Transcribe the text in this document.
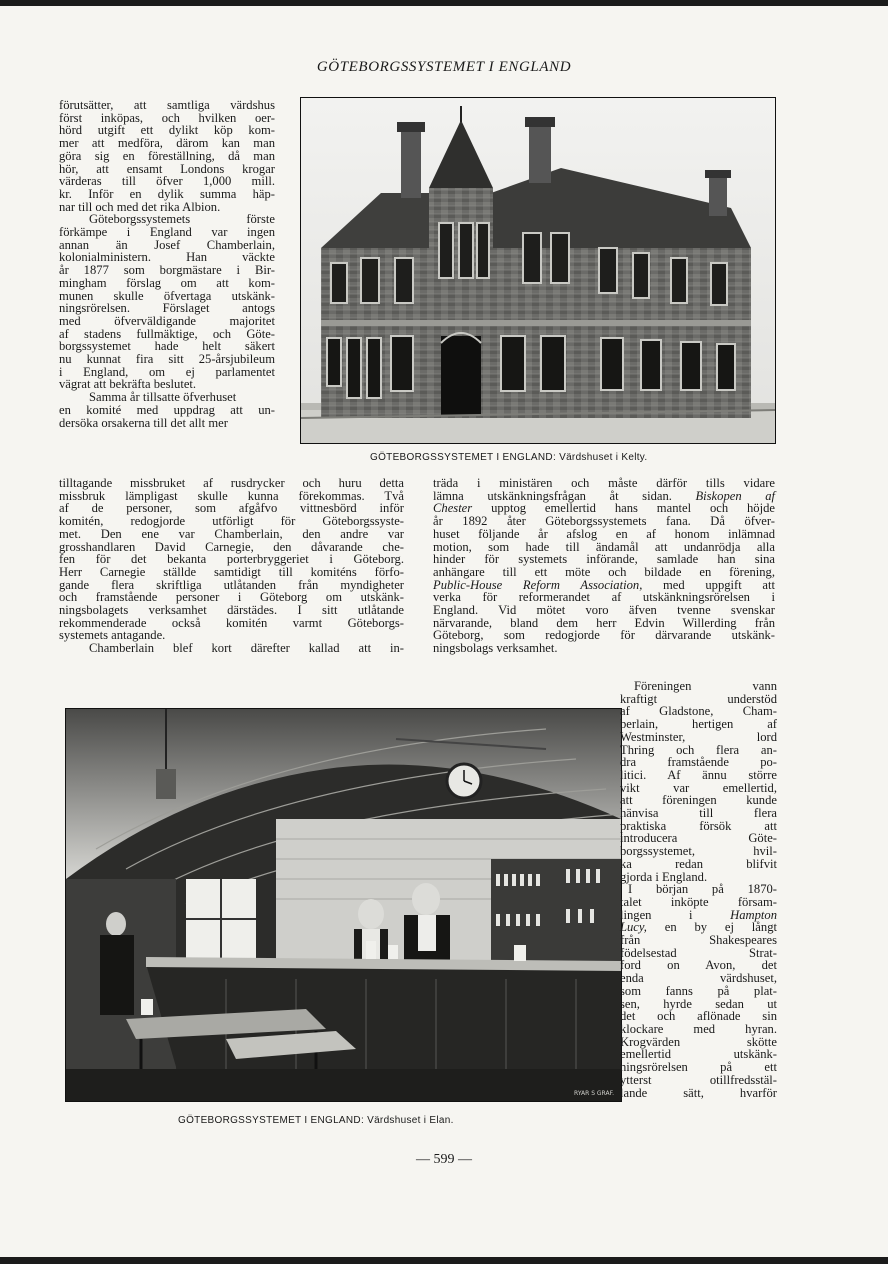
GÖTEBORGSSYSTEMET I ENGLAND
förutsätter, att samtliga värdshus
först inköpas, och hvilken oer-
hörd utgift ett dylikt köp kom-
mer att medföra, därom kan man
göra sig en föreställning, då man
hör, att ensamt Londons krogar
värderas till öfver 1,000 mill.
kr. Inför en dylik summa häp-
nar till och med det rika Albion.
Göteborgssystemets förste
förkämpe i England var ingen
annan än Josef Chamberlain,
kolonialministern. Han väckte
år 1877 som borgmästare i Bir-
mingham förslag om att kom-
munen skulle öfvertaga utskänk-
ningsrörelsen. Förslaget antogs
med öfverväldigande majoritet
af stadens fullmäktige, och Göte-
borgssystemet hade helt säkert
nu kunnat fira sitt 25-årsjubileum
i England, om ej parlamentet
vägrat att bekräfta beslutet.
Samma år tillsatte öfverhuset
en komité med uppdrag att un-
dersöka orsakerna till det allt mer
GÖTEBORGSSYSTEMET I ENGLAND: Värdshuset i Kelty.
tilltagande missbruket af rusdrycker och huru detta
missbruk lämpligast skulle kunna förekommas. Två
af de personer, som afgåfvo vittnesbörd inför
komitén, redogjorde utförligt för Göteborgssyste-
met. Den ene var Chamberlain, den andre var
grosshandlaren David Carnegie, den dåvarande che-
fen för det bekanta porterbryggeriet i Göteborg.
Herr Carnegie ställde samtidigt till komiténs förfo-
gande flera skriftliga utlåtanden från myndigheter
och framstående personer i Göteborg om utskänk-
ningsbolagets verksamhet därstädes. I sitt utlåtande
rekommenderade också komitén varmt Göteborgs-
systemets antagande.
Chamberlain blef kort därefter kallad att in-
träda i ministären och måste därför tills vidare
lämna utskänkningsfrågan åt sidan. Biskopen af
Chester upptog emellertid hans mantel och höjde
år 1892 åter Göteborgssystemets fana. Då öfver-
huset följande år afslog en af honom inlämnad
motion, som hade till ändamål att undanrödja alla
hinder för systemets införande, samlade han sina
anhängare till ett möte och bildade en förening,
Public-House Reform Association, med uppgift att
verka för reformerandet af utskänkningsrörelsen i
England. Vid mötet voro äfven tvenne svenskar
närvarande, bland dem herr Edvin Willerding från
Göteborg, som redogjorde för därvarande utskänk-
ningsbolags verksamhet.
RYAR S GRAF.
GÖTEBORGSSYSTEMET I ENGLAND: Värdshuset i Elan.
Föreningen vann
kraftigt understöd
af Gladstone, Cham-
berlain, hertigen af
Westminster, lord
Thring och flera an-
dra framstående po-
litici. Af ännu större
vikt var emellertid,
att föreningen kunde
hänvisa till flera
praktiska försök att
introducera Göte-
borgssystemet, hvil-
ka redan blifvit
gjorda i England.
I början på 1870-
talet inköpte försam-
lingen i	Hampton
Lucy, en by ej långt
från Shakespeares
födelsestad Strat-
ford on Avon, det
enda värdshuset,
som fanns på plat-
sen, hyrde sedan ut
det och aflönade sin
klockare med hyran.
Krogvärden skötte
emellertid utskänk-
ningsrörelsen på ett
ytterst otillfredsstäl-
lande sätt, hvarför
— 599 —
